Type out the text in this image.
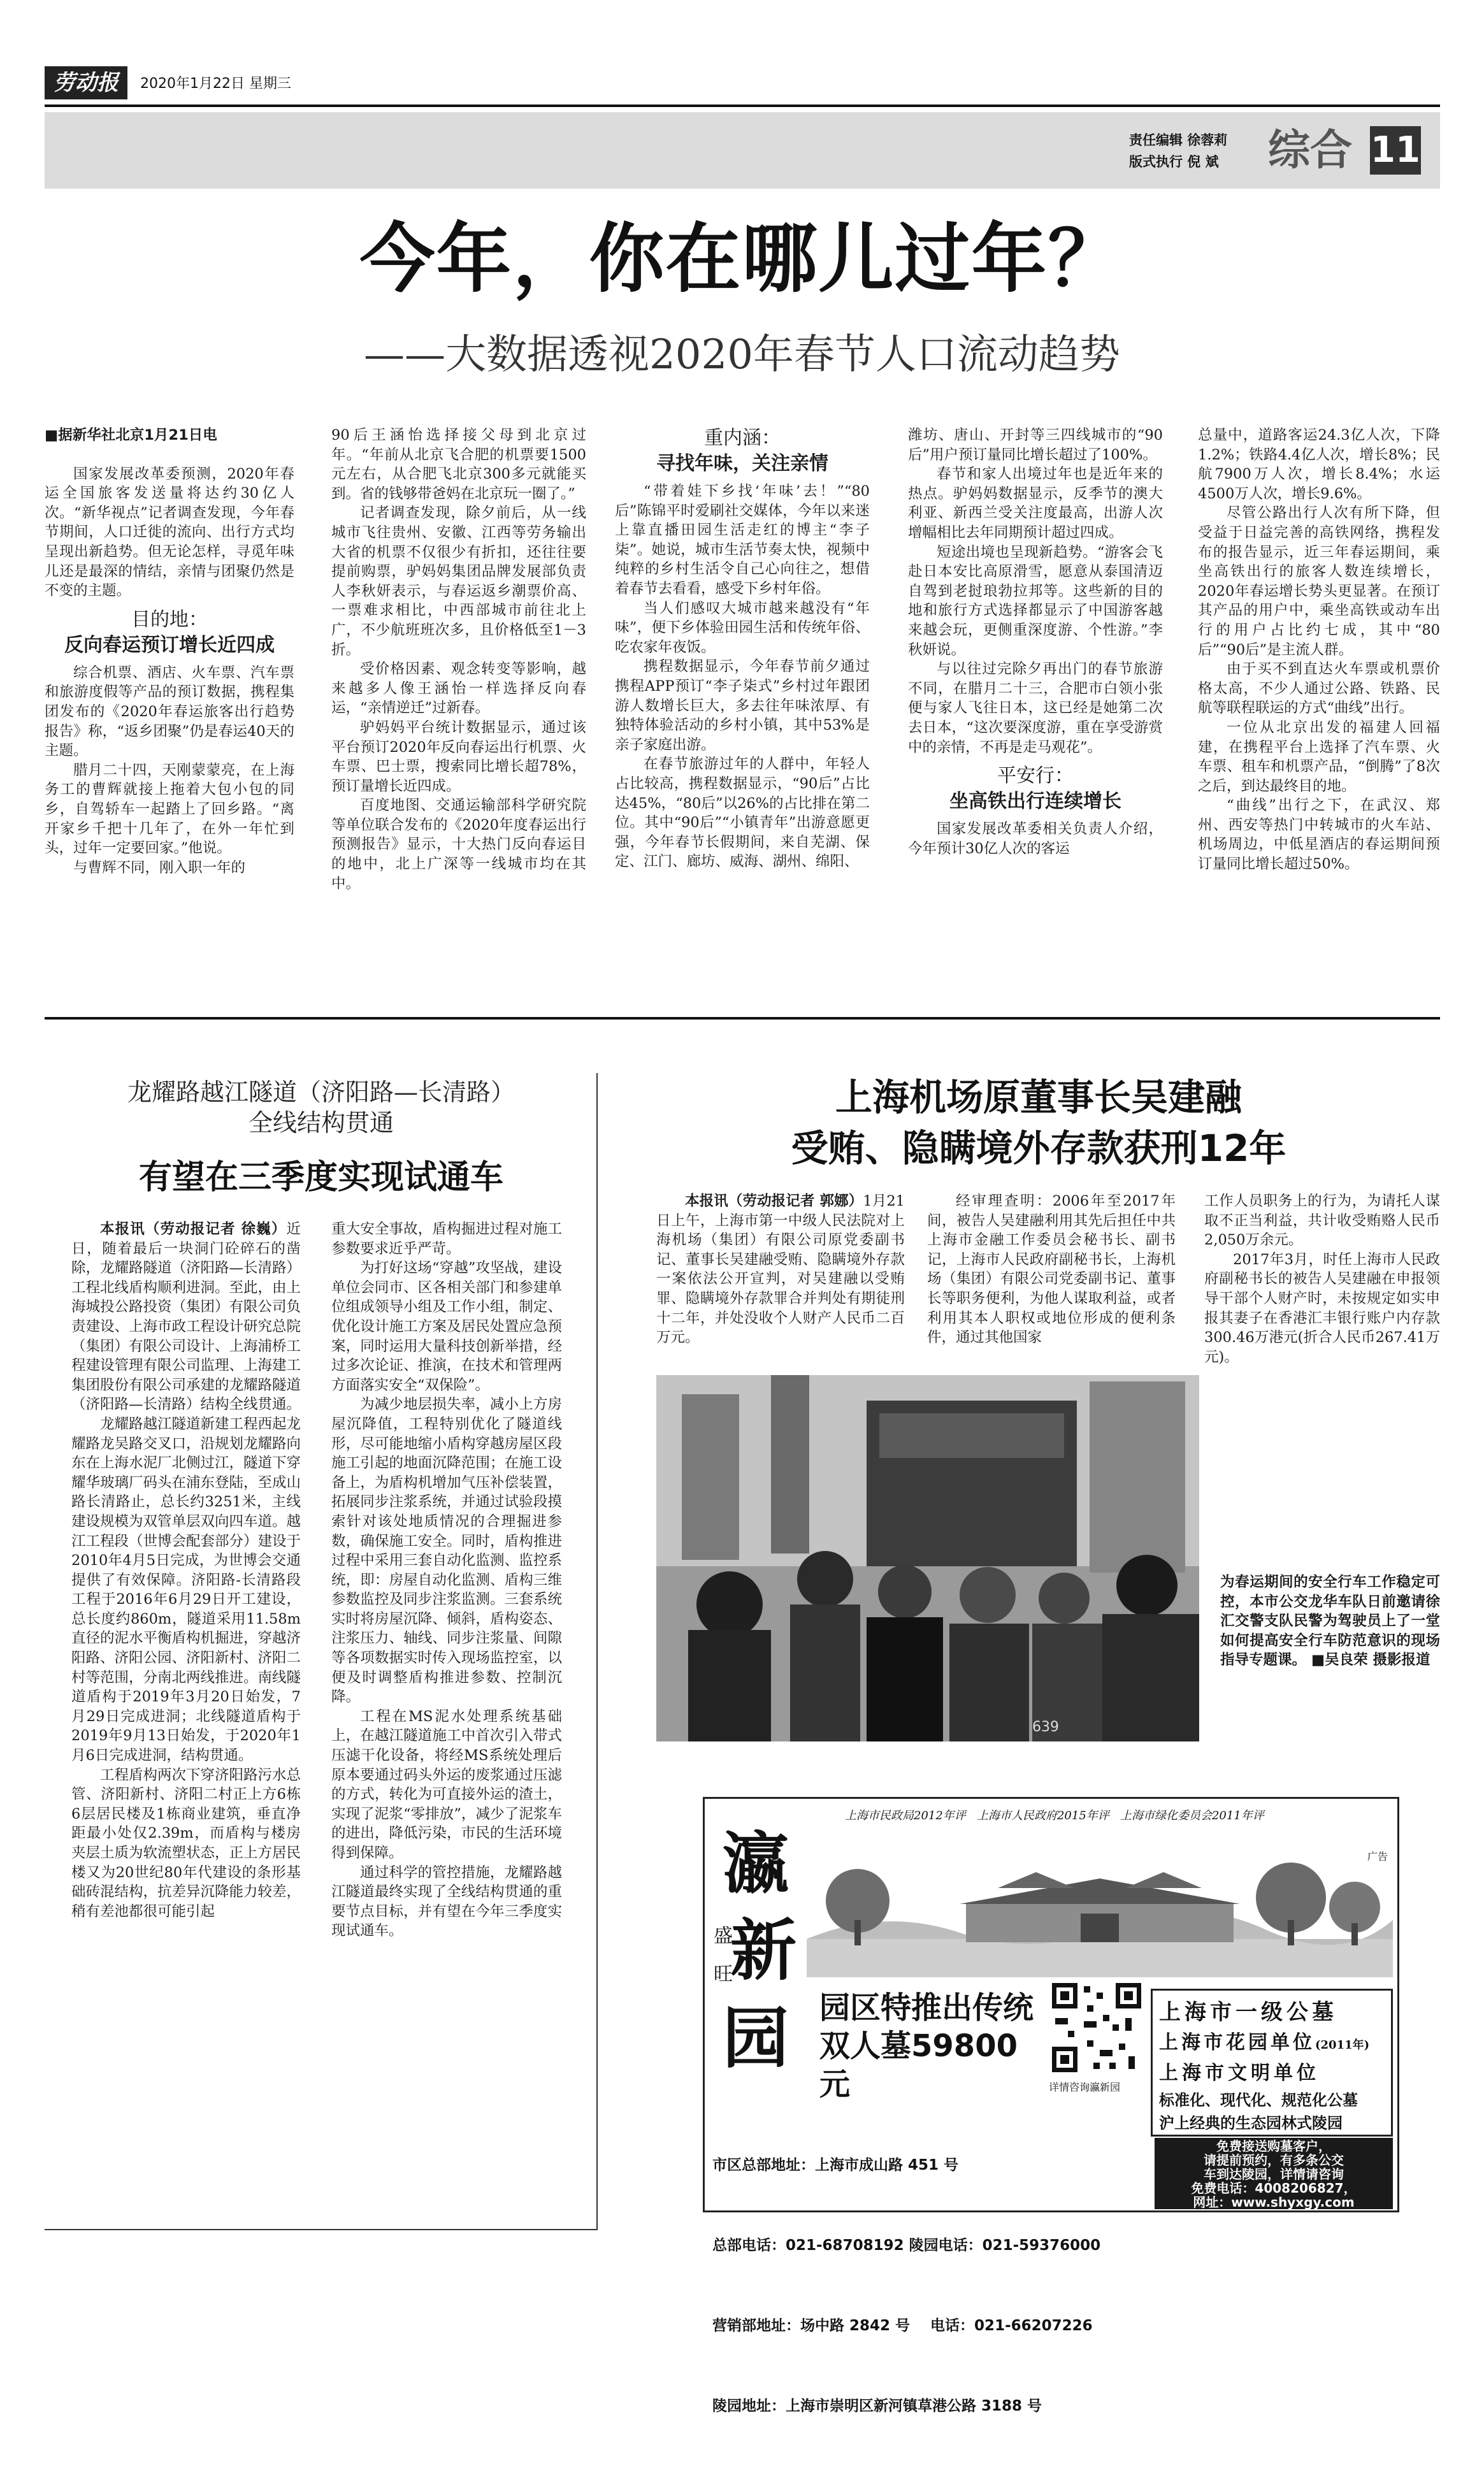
劳动报	2020年1月22日 星期三
责任编辑 徐蓉莉
版式执行 倪 斌 综合 11
今年，你在哪儿过年？
——大数据透视2020年春节人口流动趋势

■据新华社北京1月21日电

国家发展改革委预测，2020年春运全国旅客发送量将达约30亿人次。“新华视点”记者调查发现，今年春节期间，人口迁徙的流向、出行方式均呈现出新趋势。但无论怎样，寻觅年味儿还是最深的情结，亲情与团聚仍然是不变的主题。

目的地：
反向春运预订增长近四成

综合机票、酒店、火车票、汽车票和旅游度假等产品的预订数据，携程集团发布的《2020年春运旅客出行趋势报告》称，“返乡团聚”仍是春运40天的主题。

腊月二十四，天刚蒙蒙亮，在上海务工的曹辉就接上拖着大包小包的同乡，自驾轿车一起踏上了回乡路。“离开家乡千把十几年了，在外一年忙到头，过年一定要回家。”他说。

与曹辉不同，刚入职一年的

90后王涵怡选择接父母到北京过年。“年前从北京飞合肥的机票要1500元左右，从合肥飞北京300多元就能买到。省的钱够带爸妈在北京玩一圈了。”

记者调查发现，除夕前后，从一线城市飞往贵州、安徽、江西等劳务输出大省的机票不仅很少有折扣，还往往要提前购票，驴妈妈集团品牌发展部负责人李秋妍表示，与春运返乡潮票价高、一票难求相比，中西部城市前往北上广，不少航班班次多，且价格低至1－3折。

受价格因素、观念转变等影响，越来越多人像王涵怡一样选择反向春运，“亲情逆迁”过新春。

驴妈妈平台统计数据显示，通过该平台预订2020年反向春运出行机票、火车票、巴士票，搜索同比增长超78%，预订量增长近四成。

百度地图、交通运输部科学研究院等单位联合发布的《2020年度春运出行预测报告》显示，十大热门反向春运目的地中，北上广深等一线城市均在其中。

重内涵：
寻找年味，关注亲情

“带着娃下乡找‘年味’去！”“80后”陈锦平时爱刷社交媒体，今年以来迷上靠直播田园生活走红的博主“李子柒”。她说，城市生活节奏太快，视频中纯粹的乡村生活令自己心向往之，想借着春节去看看，感受下乡村年俗。

当人们感叹大城市越来越没有“年味”，便下乡体验田园生活和传统年俗、吃农家年夜饭。

携程数据显示，今年春节前夕通过携程APP预订“李子柒式”乡村过年跟团游人数增长巨大，多去往年味浓厚、有独特体验活动的乡村小镇，其中53%是亲子家庭出游。

在春节旅游过年的人群中，年轻人占比较高，携程数据显示，“90后”占比达45%，“80后”以26%的占比排在第二位。其中“90后”“小镇青年”出游意愿更强，今年春节长假期间，来自芜湖、保定、江门、廊坊、威海、湖州、绵阳、

潍坊、唐山、开封等三四线城市的“90后”用户预订量同比增长超过了100%。

春节和家人出境过年也是近年来的热点。驴妈妈数据显示，反季节的澳大利亚、新西兰受关注度最高，出游人次增幅相比去年同期预计超过四成。

短途出境也呈现新趋势。“游客会飞赴日本安比高原滑雪，愿意从泰国清迈自驾到老挝琅勃拉邦等。这些新的目的地和旅行方式选择都显示了中国游客越来越会玩，更侧重深度游、个性游。”李秋妍说。

与以往过完除夕再出门的春节旅游不同，在腊月二十三，合肥市白领小张便与家人飞往日本，这已经是她第二次去日本，“这次要深度游，重在享受游赏中的亲情，不再是走马观花”。

平安行：
坐高铁出行连续增长

国家发展改革委相关负责人介绍，今年预计30亿人次的客运

总量中，道路客运24.3亿人次，下降1.2%；铁路4.4亿人次，增长8%；民航7900万人次，增长8.4%；水运4500万人次，增长9.6%。

尽管公路出行人次有所下降，但受益于日益完善的高铁网络，携程发布的报告显示，近三年春运期间，乘坐高铁出行的旅客人数连续增长，2020年春运增长势头更显著。在预订其产品的用户中，乘坐高铁或动车出行的用户占比约七成，其中“80后”“90后”是主流人群。

由于买不到直达火车票或机票价格太高，不少人通过公路、铁路、民航等联程联运的方式“曲线”出行。

一位从北京出发的福建人回福建，在携程平台上选择了汽车票、火车票、租车和机票产品，“倒腾”了8次之后，到达最终目的地。

“曲线”出行之下，在武汉、郑州、西安等热门中转城市的火车站、机场周边，中低星酒店的春运期间预订量同比增长超过50%。

龙耀路越江隧道（济阳路—长清路）
全线结构贯通
有望在三季度实现试通车

本报讯（劳动报记者 徐巍）近日，随着最后一块洞门砼碎石的凿除，龙耀路隧道（济阳路—长清路）工程北线盾构顺利进洞。至此，由上海城投公路投资（集团）有限公司负责建设、上海市政工程设计研究总院（集团）有限公司设计、上海浦桥工程建设管理有限公司监理、上海建工集团股份有限公司承建的龙耀路隧道（济阳路—长清路）结构全线贯通。

龙耀路越江隧道新建工程西起龙耀路龙吴路交叉口，沿规划龙耀路向东在上海水泥厂北侧过江，隧道下穿耀华玻璃厂码头在浦东登陆，至成山路长清路止，总长约3251米，主线建设规模为双管单层双向四车道。越江工程段（世博会配套部分）建设于2010年4月5日完成，为世博会交通提供了有效保障。济阳路-长清路段工程于2016年6月29日开工建设，总长度约860m，隧道采用11.58m直径的泥水平衡盾构机掘进，穿越济阳路、济阳公园、济阳新村、济阳二村等范围，分南北两线推进。南线隧道盾构于2019年3月20日始发，7月29日完成进洞；北线隧道盾构于2019年9月13日始发，于2020年1月6日完成进洞，结构贯通。

工程盾构两次下穿济阳路污水总管、济阳新村、济阳二村正上方6栋6层居民楼及1栋商业建筑，垂直净距最小处仅2.39m，而盾构与楼房夹层土质为软流塑状态，正上方居民楼又为20世纪80年代建设的条形基础砖混结构，抗差异沉降能力较差，稍有差池都很可能引起

重大安全事故，盾构掘进过程对施工参数要求近乎严苛。

为打好这场“穿越”攻坚战，建设单位会同市、区各相关部门和参建单位组成领导小组及工作小组，制定、优化设计施工方案及居民处置应急预案，同时运用大量科技创新举措，经过多次论证、推演，在技术和管理两方面落实安全“双保险”。

为减少地层损失率，减小上方房屋沉降值，工程特别优化了隧道线形，尽可能地缩小盾构穿越房屋区段施工引起的地面沉降范围；在施工设备上，为盾构机增加气压补偿装置，拓展同步注浆系统，并通过试验段摸索针对该处地质情况的合理掘进参数，确保施工安全。同时，盾构推进过程中采用三套自动化监测、监控系统，即：房屋自动化监测、盾构三维参数监控及同步注浆监测。三套系统实时将房屋沉降、倾斜，盾构姿态、注浆压力、轴线、同步注浆量、间隙等各项数据实时传入现场监控室，以便及时调整盾构推进参数、控制沉降。

工程在MS泥水处理系统基础上，在越江隧道施工中首次引入带式压滤干化设备，将经MS系统处理后原本要通过码头外运的废浆通过压滤的方式，转化为可直接外运的渣土，实现了泥浆“零排放”，减少了泥浆车的进出，降低污染，市民的生活环境得到保障。

通过科学的管控措施，龙耀路越江隧道最终实现了全线结构贯通的重要节点目标，并有望在今年三季度实现试通车。

上海机场原董事长吴建融
受贿、隐瞒境外存款获刑12年

本报讯（劳动报记者 郭娜）1月21日上午，上海市第一中级人民法院对上海机场（集团）有限公司原党委副书记、董事长吴建融受贿、隐瞒境外存款一案依法公开宣判，对吴建融以受贿罪、隐瞒境外存款罪合并判处有期徒刑十二年，并处没收个人财产人民币二百万元。

经审理查明：2006年至2017年间，被告人吴建融利用其先后担任中共上海市金融工作委员会秘书长、副书记，上海市人民政府副秘书长，上海机场（集团）有限公司党委副书记、董事长等职务便利，为他人谋取利益，或者利用其本人职权或地位形成的便利条件，通过其他国家

工作人员职务上的行为，为请托人谋取不正当利益，共计收受贿赂人民币2,050万余元。

2017年3月，时任上海市人民政府副秘书长的被告人吴建融在申报领导干部个人财产时，未按规定如实申报其妻子在香港汇丰银行账户内存款300.46万港元(折合人民币267.41万元)。

639

为春运期间的安全行车工作稳定可控，本市公交龙华车队日前邀请徐汇交警支队民警为驾驶员上了一堂如何提高安全行车防范意识的现场指导专题课。 ■吴良荣 摄影报道

上海市民政局2012年评   上海市人民政府2015年评   上海市绿化委员会2011年评
广告
瀛
新
园
盛
旺
园区特推出传统
双人墓59800元	详情咨询瀛新园
上海市一级公墓
上海市花园单位(2011年)
上海市文明单位
标准化、现代化、规范化公墓
沪上经典的生态园林式陵园

市区总部地址：上海市成山路 451 号

总部电话：021-68708192 陵园电话：021-59376000

营销部地址：场中路 2842 号    电话：021-66207226

陵园地址：上海市崇明区新河镇草港公路 3188 号

免费接送购墓客户，
请提前预约，有多条公交
车到达陵园，详情请咨询
免费电话：4008206827，
网址：www.shyxgy.com
